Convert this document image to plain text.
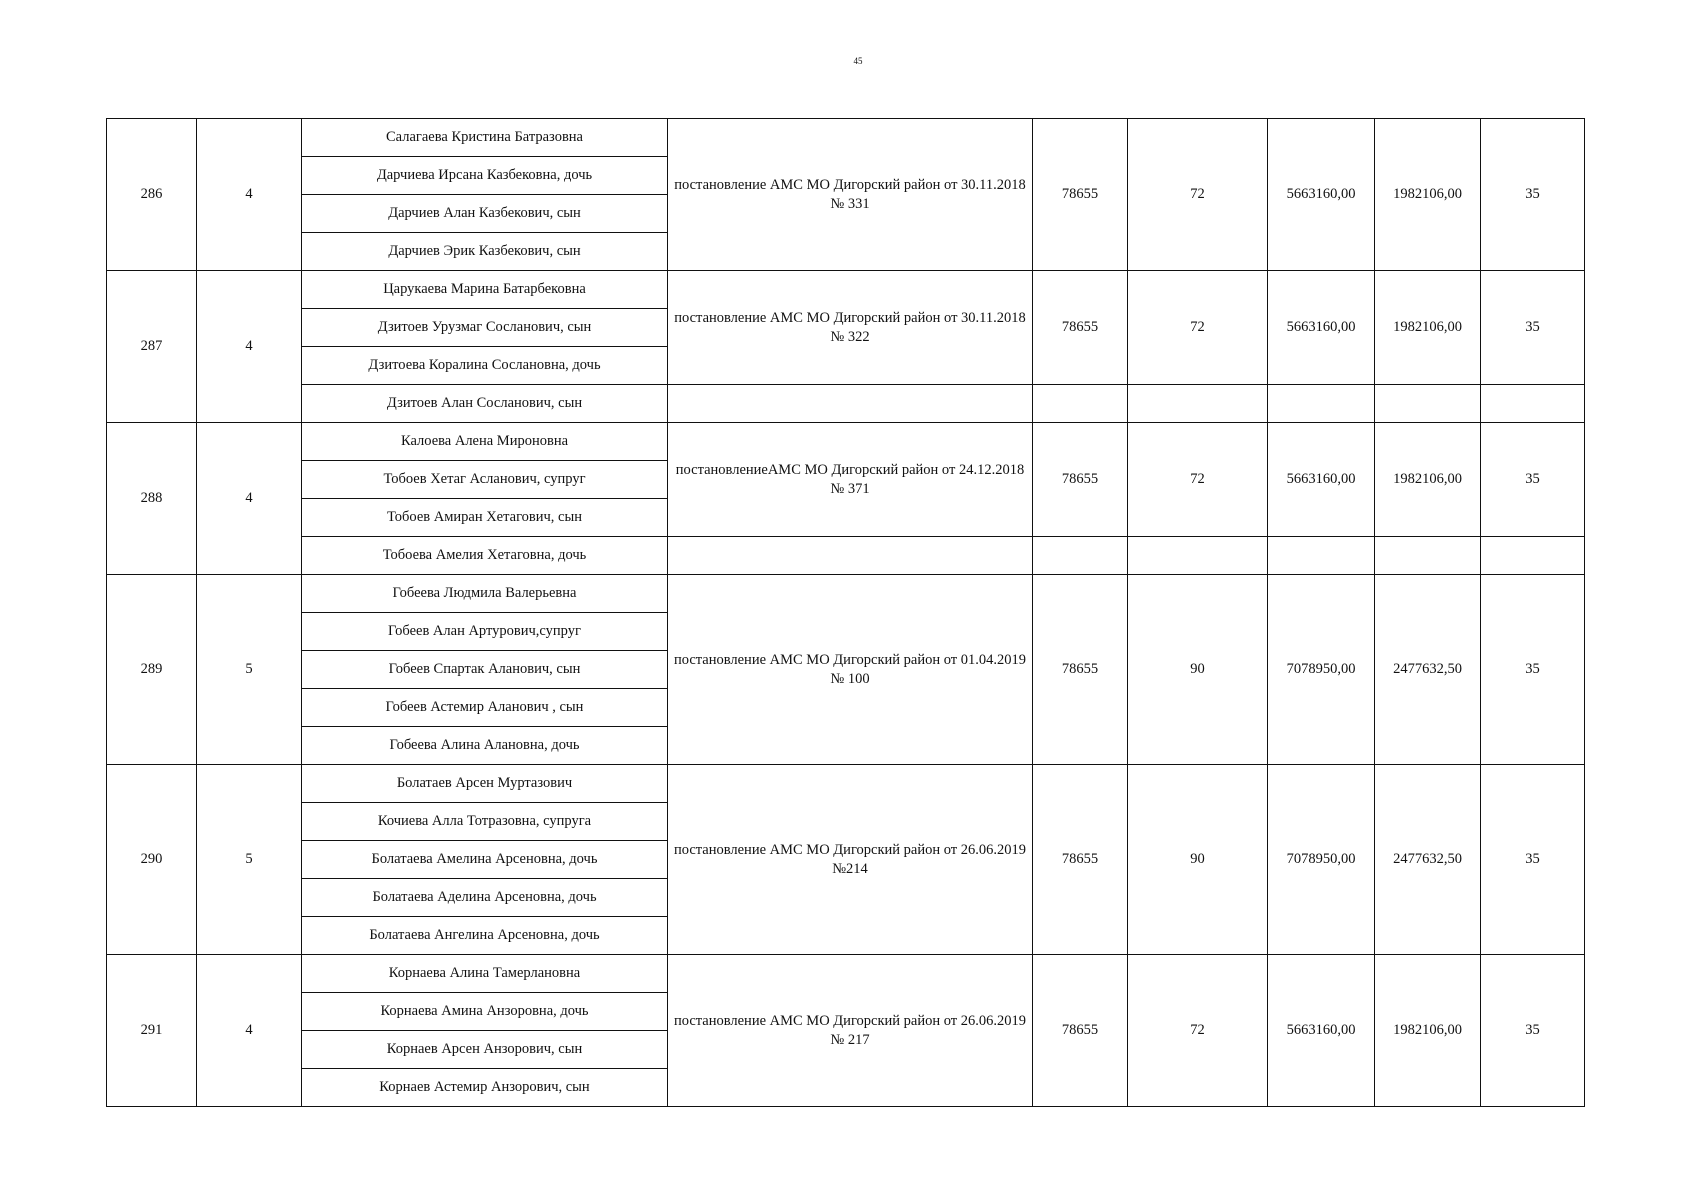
45
286	4	Салагаева Кристина Батразовна	постановление АМС МО Дигорский район от 30.11.2018 № 331	78655	72	5663160,00	1982106,00	35
		Дарчиева Ирсана Казбековна, дочь						
		Дарчиев Алан Казбекович, сын						
		Дарчиев Эрик Казбекович, сын						
287	4	Царукаева Марина Батарбековна	постановление АМС МО Дигорский район от 30.11.2018 № 322	78655	72	5663160,00	1982106,00	35
		Дзитоев Урузмаг Сосланович, сын						
		Дзитоева Коралина Сослановна, дочь						
		Дзитоев Алан Сосланович, сын						
288	4	Калоева Алена Мироновна	постановлениеАМС МО Дигорский район от 24.12.2018 № 371	78655	72	5663160,00	1982106,00	35
		Тобоев Хетаг Асланович, супруг						
		Тобоев Амиран Хетагович, сын						
		Тобоева Амелия Хетаговна, дочь						
289	5	Гобеева Людмила Валерьевна	постановление АМС МО Дигорский район от 01.04.2019 № 100	78655	90	7078950,00	2477632,50	35
		Гобеев Алан Артурович,супруг						
		Гобеев Спартак Аланович, сын						
		Гобеев Астемир Аланович , сын						
		Гобеева Алина Алановна, дочь						
290	5	Болатаев Арсен Муртазович	постановление АМС МО Дигорский район от 26.06.2019 №214	78655	90	7078950,00	2477632,50	35
		Кочиева Алла Тотразовна, супруга						
		Болатаева Амелина Арсеновна, дочь						
		Болатаева Аделина Арсеновна, дочь						
		Болатаева Ангелина Арсеновна, дочь						
291	4	Корнаева Алина Тамерлановна	постановление АМС МО Дигорский район от 26.06.2019 № 217	78655	72	5663160,00	1982106,00	35
		Корнаева Амина Анзоровна, дочь						
		Корнаев Арсен Анзорович, сын						
		Корнаев Астемир Анзорович, сын						
